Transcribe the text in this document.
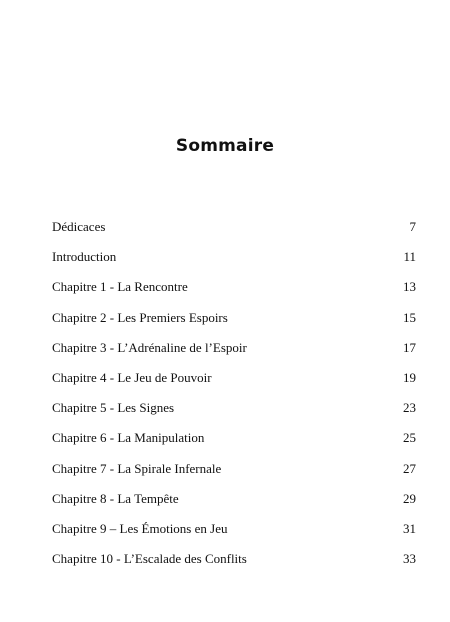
Sommaire
Dédicaces	7
Introduction	11
Chapitre 1 - La Rencontre	13
Chapitre 2 - Les Premiers Espoirs	15
Chapitre 3 - L’Adrénaline de l’Espoir	17
Chapitre 4 - Le Jeu de Pouvoir	19
Chapitre 5 - Les Signes	23
Chapitre 6 - La Manipulation	25
Chapitre 7 - La Spirale Infernale	27
Chapitre 8 - La Tempête	29
Chapitre 9 – Les Émotions en Jeu	31
Chapitre 10 - L’Escalade des Conflits	33
